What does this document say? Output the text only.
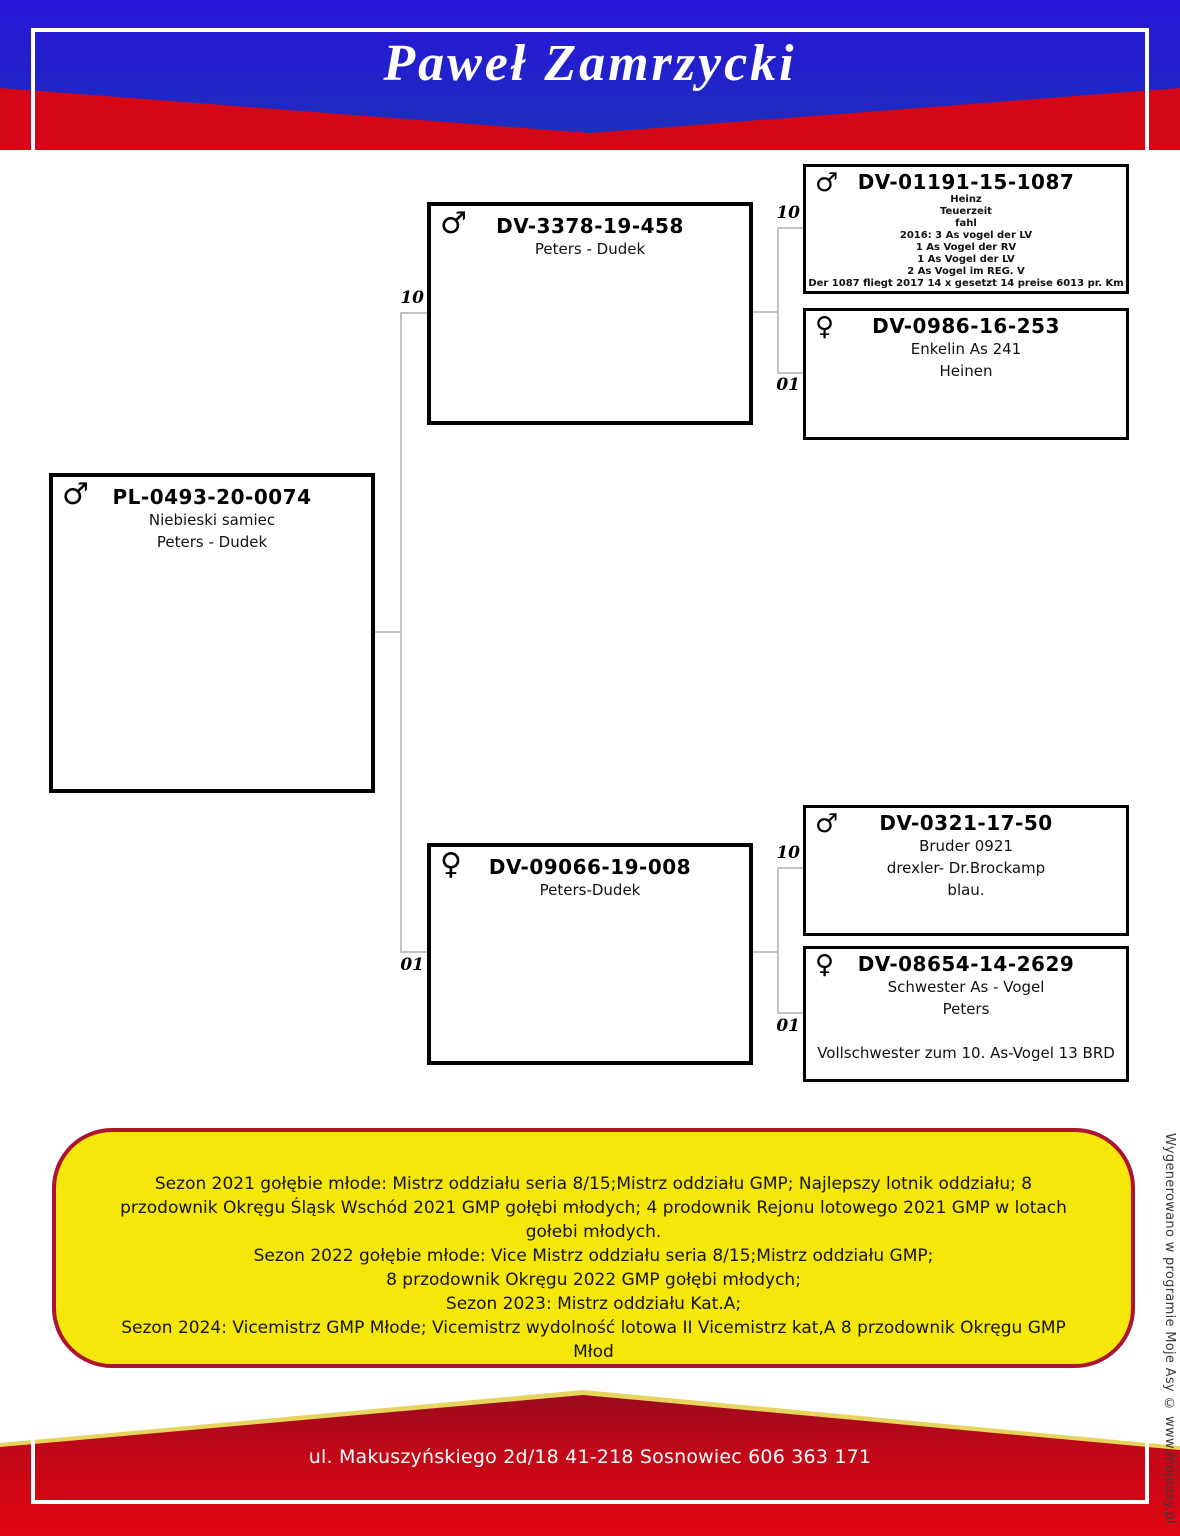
Paweł Zamrzycki
10
01
10
01
10
01
♂	PL-0493-20-0074
Niebieski samiec
Peters - Dudek
♂	DV-3378-19-458
Peters - Dudek
♀	DV-09066-19-008
Peters-Dudek
♂ DV-01191-15-1087
Heinz
Teuerzeit
fahl
2016: 3 As vogel der LV
1 As Vogel der RV
1 As Vogel der LV
2 As Vogel im REG. V
Der 1087 fliegt 2017 14 x gesetzt 14 preise 6013 pr. Km
♀	DV-0986-16-253
Enkelin As 241
Heinen
♂	DV-0321-17-50
Bruder 0921
drexler- Dr.Brockamp
blau.
♀	DV-08654-14-2629
Schwester As - Vogel
Peters
Vollschwester zum 10. As-Vogel 13 BRD
Sezon 2021 gołębie młode: Mistrz oddziału seria 8/15;Mistrz oddziału GMP; Najlepszy lotnik oddziału; 8 przodownik Okręgu Śląsk Wschód 2021 GMP gołębi młodych; 4 prodownik Rejonu lotowego 2021 GMP w lotach gołebi młodych.
Sezon 2022 gołębie młode: Vice Mistrz oddziału seria 8/15;Mistrz oddziału GMP;
8 przodownik Okręgu 2022 GMP gołębi młodych;
Sezon 2023: Mistrz oddziału Kat.A;
Sezon 2024: Vicemistrz GMP Młode; Vicemistrz wydolność lotowa II Vicemistrz kat,A 8 przodownik Okręgu GMP Młod
ul. Makuszyńskiego 2d/18 41-218 Sosnowiec 606 363 171	Wygenerowano w programie Moje Asy © www.mojeasy.pl
